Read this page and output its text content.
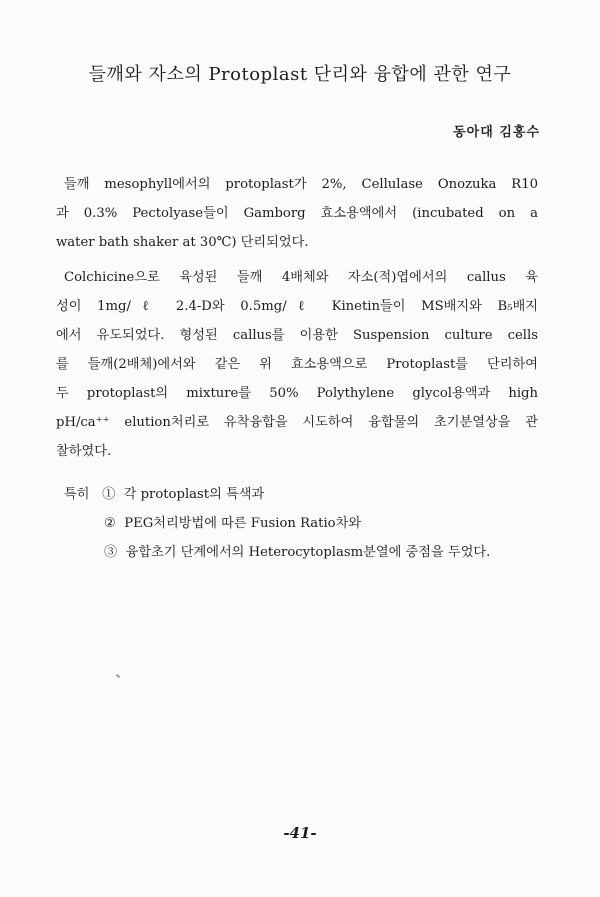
들깨와 자소의 Protoplast 단리와 융합에 관한 연구
동아대 김홍수
들깨 mesophyll에서의 protoplast가 2%, Cellulase Onozuka R10
과 0.3% Pectolyase들이 Gamborg 효소용액에서 (incubated on a
water bath shaker at 30℃) 단리되었다.
Colchicine으로 육성된 들깨 4배체와 자소(적)엽에서의 callus 육
성이 1mg/ℓ 2.4-D와 0.5mg/ℓ Kinetin들이 MS배지와 B₅배지
에서 유도되었다. 형성된 callus를 이용한 Suspension culture cells
를 들깨(2배체)에서와 같은 위 효소용액으로 Protoplast를 단리하여
두 protoplast의 mixture를 50% Polythylene glycol용액과 high
pH/ca⁺⁺ elution처리로 유착융합을 시도하여 융합물의 초기분열상을 관
찰하였다.
특히 ① 각 protoplast의 특색과
② PEG처리방법에 따른 Fusion Ratio차와
③ 융합초기 단계에서의 Heterocytoplasm분열에 중점을 두었다.
-41-
